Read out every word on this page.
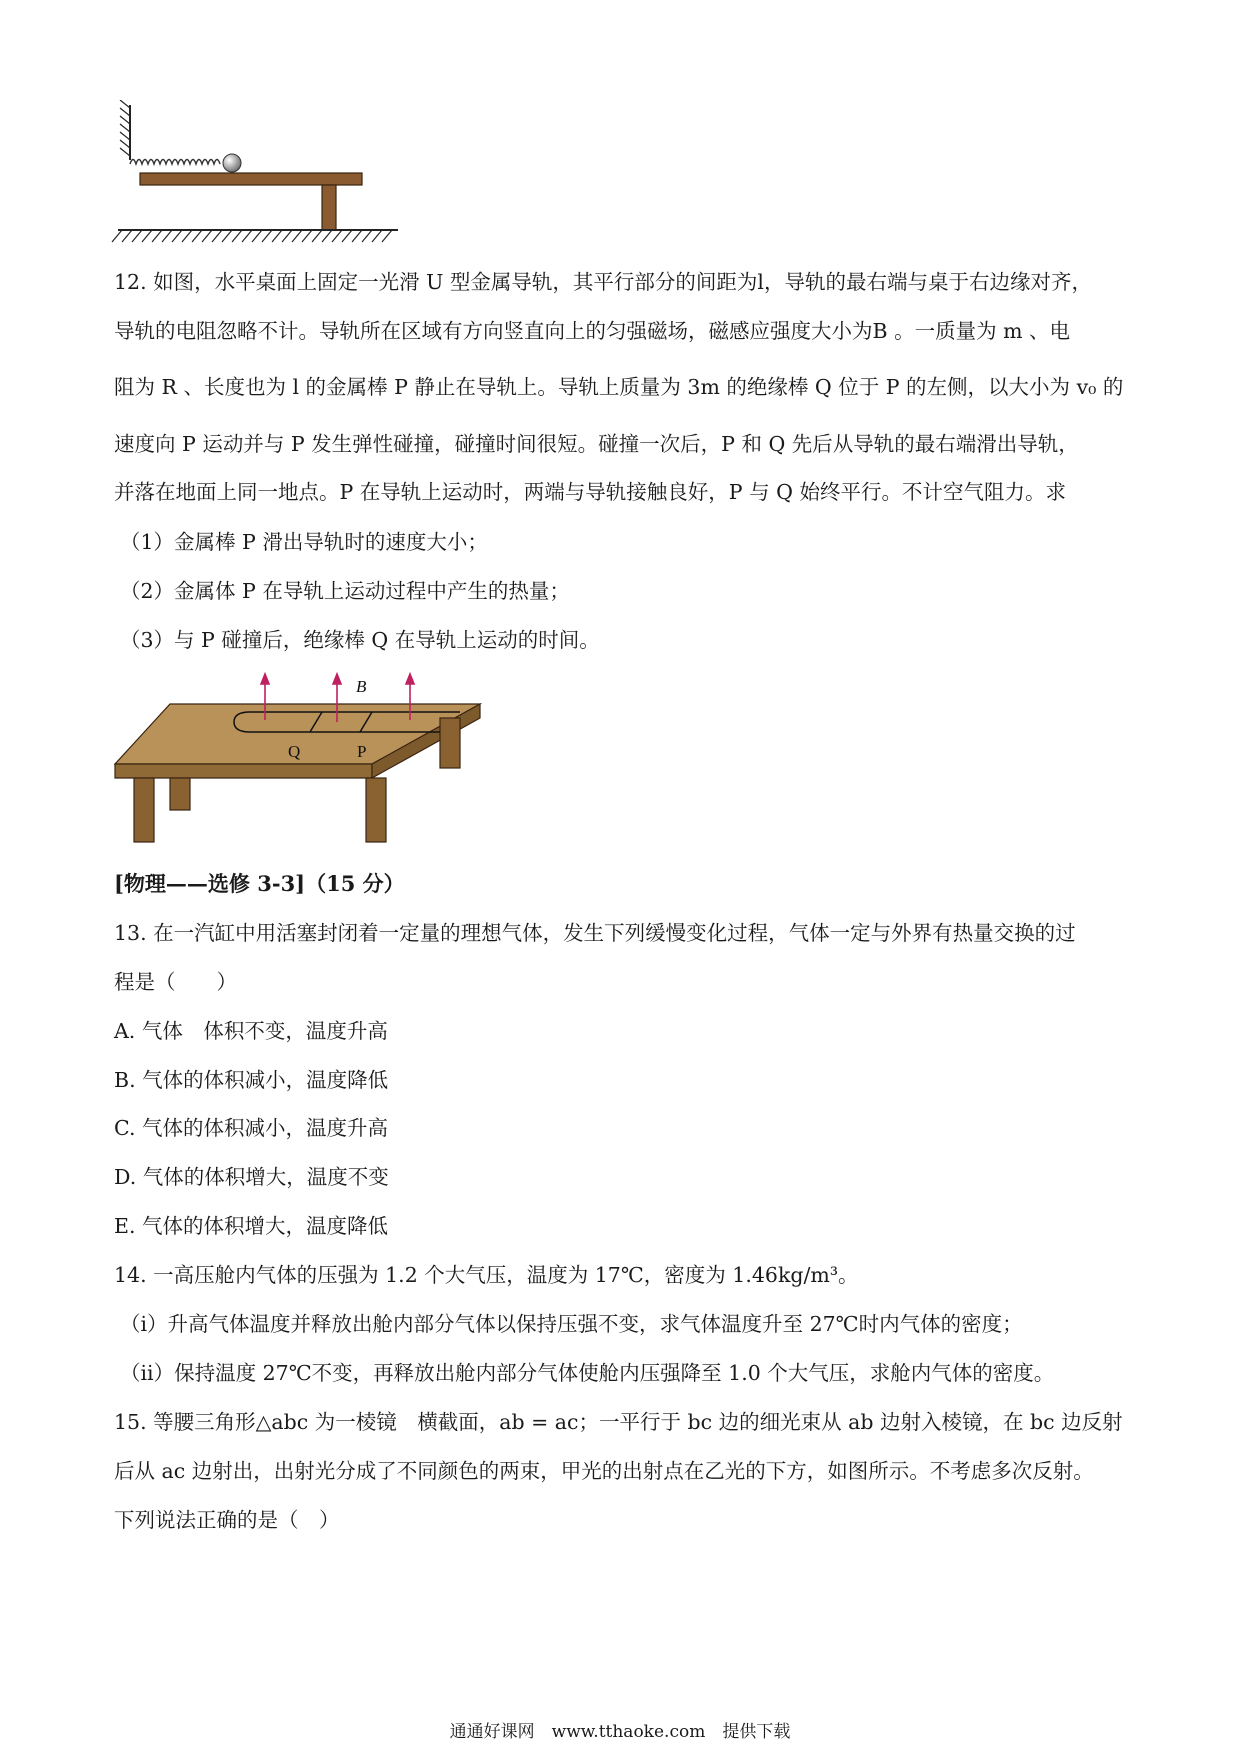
12. 如图，水平桌面上固定一光滑 U 型金属导轨，其平行部分的间距为l，导轨的最右端与桌于右边缘对齐，
导轨的电阻忽略不计。导轨所在区域有方向竖直向上的匀强磁场，磁感应强度大小为B 。一质量为 m 、电
阻为 R 、长度也为 l 的金属棒 P 静止在导轨上。导轨上质量为 3m 的绝缘棒 Q 位于 P 的左侧，以大小为 v₀ 的
速度向 P 运动并与 P 发生弹性碰撞，碰撞时间很短。碰撞一次后，P 和 Q 先后从导轨的最右端滑出导轨，
并落在地面上同一地点。P 在导轨上运动时，两端与导轨接触良好，P 与 Q 始终平行。不计空气阻力。求
（1）金属棒 P 滑出导轨时的速度大小；
（2）金属体 P 在导轨上运动过程中产生的热量；
（3）与 P 碰撞后，绝缘棒 Q 在导轨上运动的时间。
B
Q	P
[物理——选修 3-3]（15 分）
13. 在一汽缸中用活塞封闭着一定量的理想气体，发生下列缓慢变化过程，气体一定与外界有热量交换的过
程是（　　）
A. 气体　体积不变，温度升高
B. 气体的体积减小，温度降低
C. 气体的体积减小，温度升高
D. 气体的体积增大，温度不变
E. 气体的体积增大，温度降低
14. 一高压舱内气体的压强为 1.2 个大气压，温度为 17℃，密度为 1.46kg/m³。
（i）升高气体温度并释放出舱内部分气体以保持压强不变，求气体温度升至 27℃时内气体的密度；
（ii）保持温度 27℃不变，再释放出舱内部分气体使舱内压强降至 1.0 个大气压，求舱内气体的密度。
15. 等腰三角形△abc 为一棱镜　横截面，ab = ac；一平行于 bc 边的细光束从 ab 边射入棱镜，在 bc 边反射
后从 ac 边射出，出射光分成了不同颜色的两束，甲光的出射点在乙光的下方，如图所示。不考虑多次反射。
下列说法正确的是（　）
通通好课网　www.tthaoke.com　提供下载
